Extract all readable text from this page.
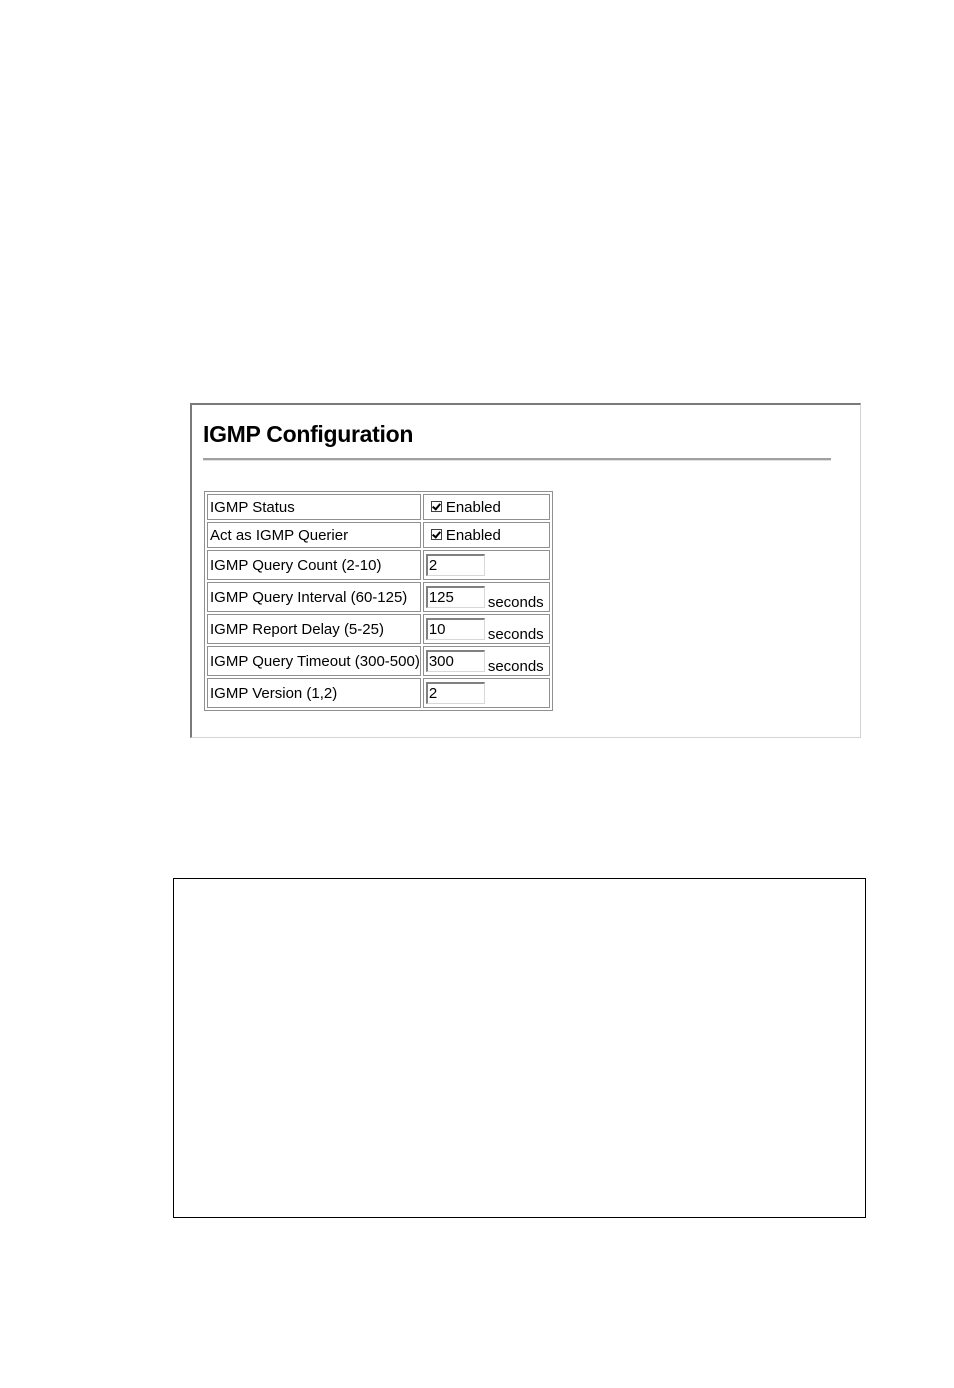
IGMP Configuration
IGMP Status	Enabled
Act as IGMP Querier	Enabled
IGMP Query Count (2-10)	2
IGMP Query Interval (60-125)	125seconds
IGMP Report Delay (5-25)	10seconds
IGMP Query Timeout (300-500)	300seconds
IGMP Version (1,2)	2
